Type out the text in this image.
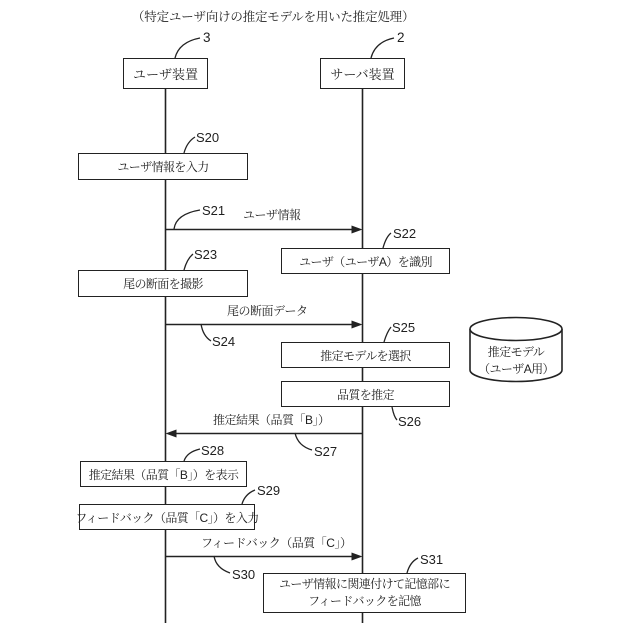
（特定ユーザ向けの推定モデルを用いた推定処理）
3	2
ユーザ装置	サーバ装置
ユーザ情報を入力
ユーザ（ユーザA）を識別
尾の断面を撮影
推定モデルを選択
品質を推定
推定結果（品質「B」）を表示
フィードバック（品質「C」）を入力
ユーザ情報に関連付けて記憶部に
フィードバックを記憶
S20
S21
S22
S23
S24
S25
S26
S27
S28
S29
S30
S31
ユーザ情報
尾の断面データ
推定結果（品質「B」）
フィードバック（品質「C」）
推定モデル
（ユーザA用）
